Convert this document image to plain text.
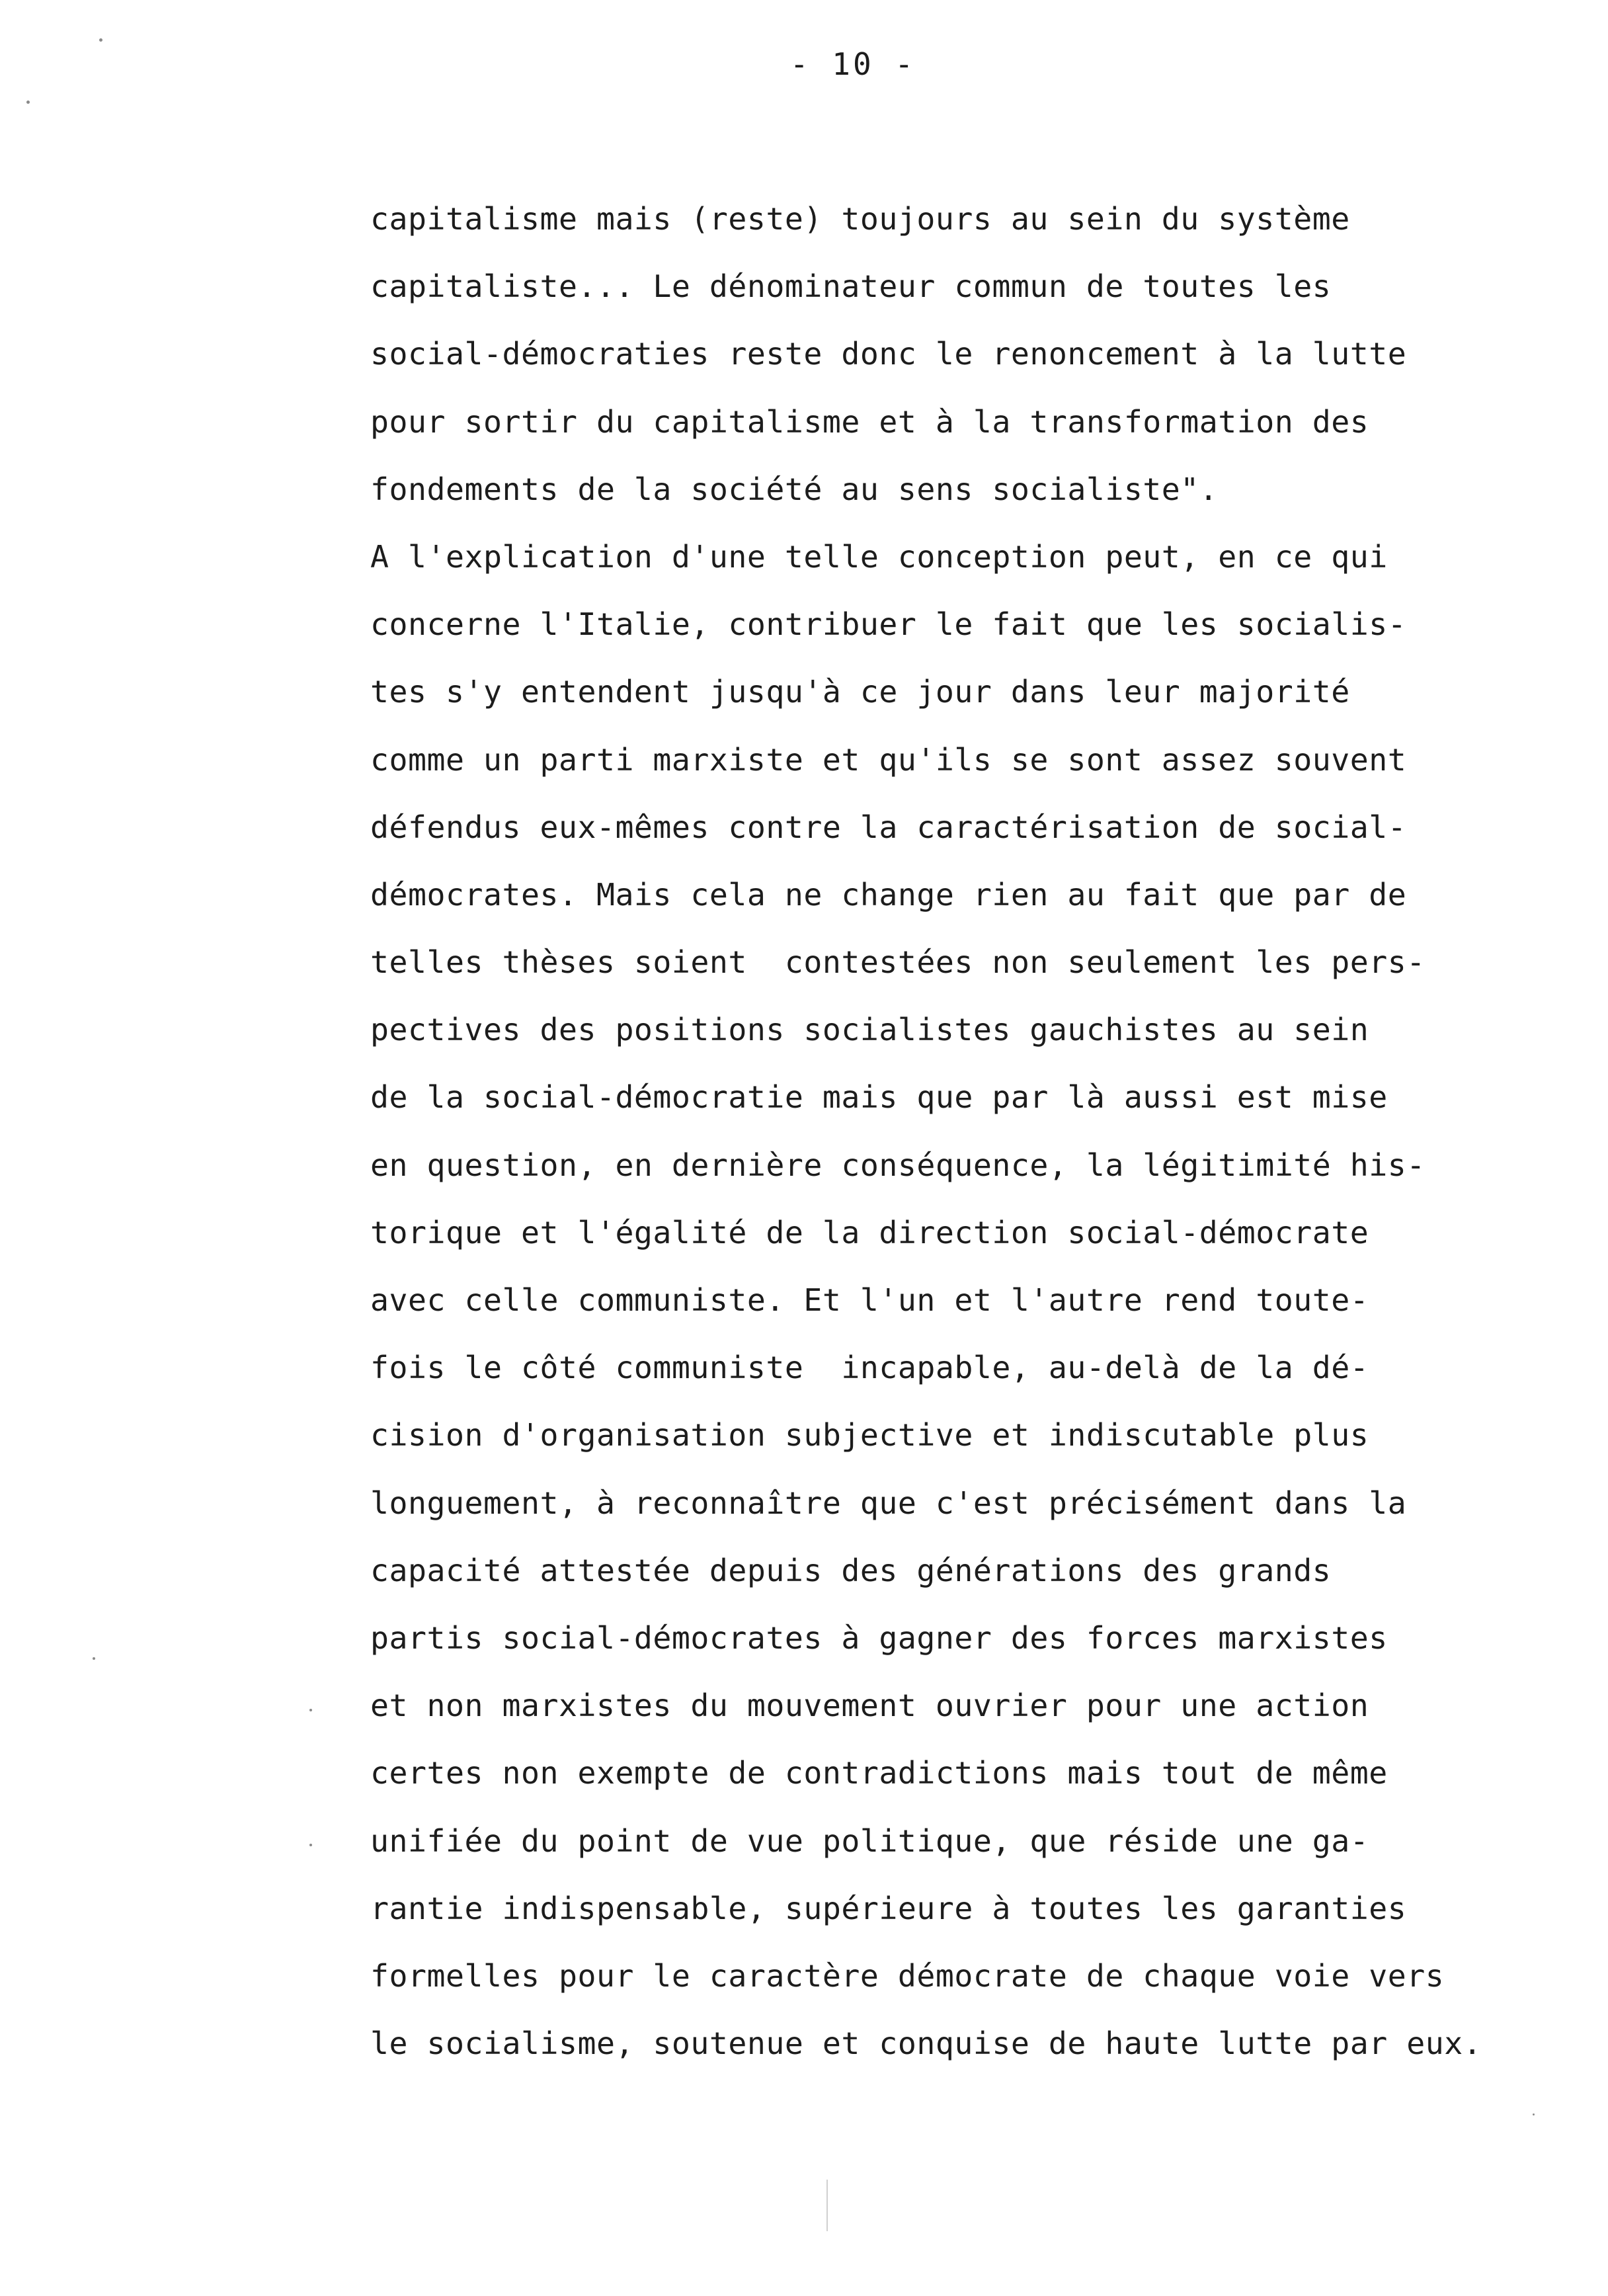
- 10 -
capitalisme mais (reste) toujours au sein du système
capitaliste... Le dénominateur commun de toutes les
social-démocraties reste donc le renoncement à la lutte
pour sortir du capitalisme et à la transformation des
fondements de la société au sens socialiste".
A l'explication d'une telle conception peut, en ce qui
concerne l'Italie, contribuer le fait que les socialis-
tes s'y entendent jusqu'à ce jour dans leur majorité
comme un parti marxiste et qu'ils se sont assez souvent
défendus eux-mêmes contre la caractérisation de social-
démocrates. Mais cela ne change rien au fait que par de
telles thèses soient  contestées non seulement les pers-
pectives des positions socialistes gauchistes au sein
de la social-démocratie mais que par là aussi est mise
en question, en dernière conséquence, la légitimité his-
torique et l'égalité de la direction social-démocrate
avec celle communiste. Et l'un et l'autre rend toute-
fois le côté communiste  incapable, au-delà de la dé-
cision d'organisation subjective et indiscutable plus
longuement, à reconnaître que c'est précisément dans la
capacité attestée depuis des générations des grands
partis social-démocrates à gagner des forces marxistes
et non marxistes du mouvement ouvrier pour une action
certes non exempte de contradictions mais tout de même
unifiée du point de vue politique, que réside une ga-
rantie indispensable, supérieure à toutes les garanties
formelles pour le caractère démocrate de chaque voie vers
le socialisme, soutenue et conquise de haute lutte par eux.
